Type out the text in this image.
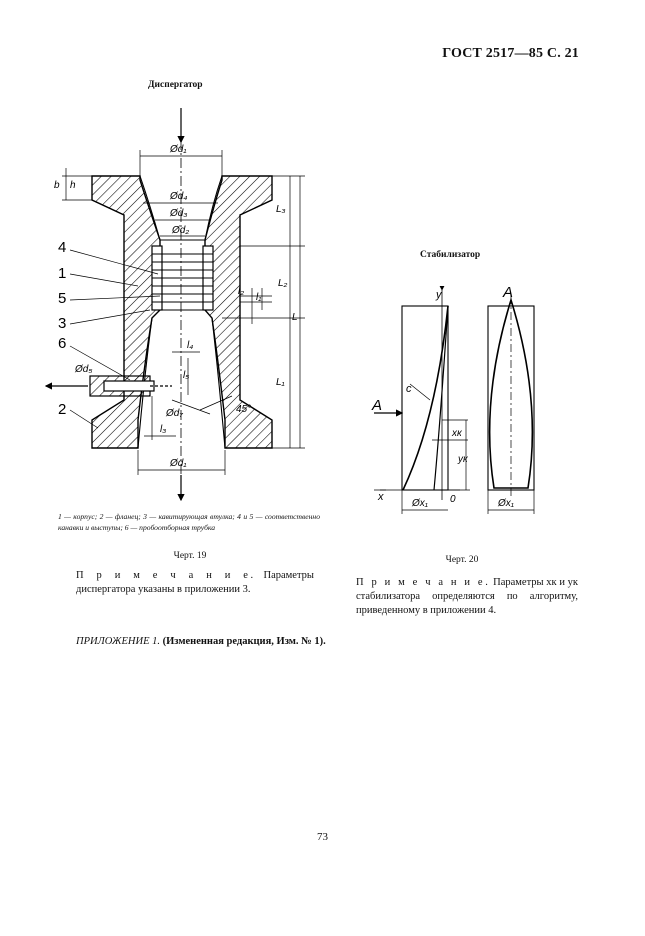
ГОСТ 2517—85 С. 21
Диспергатор
Стабилизатор
4
1
5
3
6
2
Ød₁
Ød₄
Ød₃
Ød₂
Ød₁
b h
L₃
L₂
L
L₁
l₂
l₁
l₄
l₅
Ød₅
Ød₇
l₃
45°
y
x
c
A
A
xк
yк
0
Øx₁	Øx₁
1 — корпус; 2 — фланец; 3 — кавитирующая втулка; 4 и 5 — соответственно канавки и выступы; 6 — пробоотборная трубка
Черт. 19	Черт. 20
П р и м е ч а н и е. Параметры диспергатора указаны в приложении 3.
П р и м е ч а н и е. Параметры xк и yк стабилизатора определяются по алгоритму, приведенному в приложении 4.
ПРИЛОЖЕНИЕ 1. (Измененная редакция, Изм. № 1).
73
